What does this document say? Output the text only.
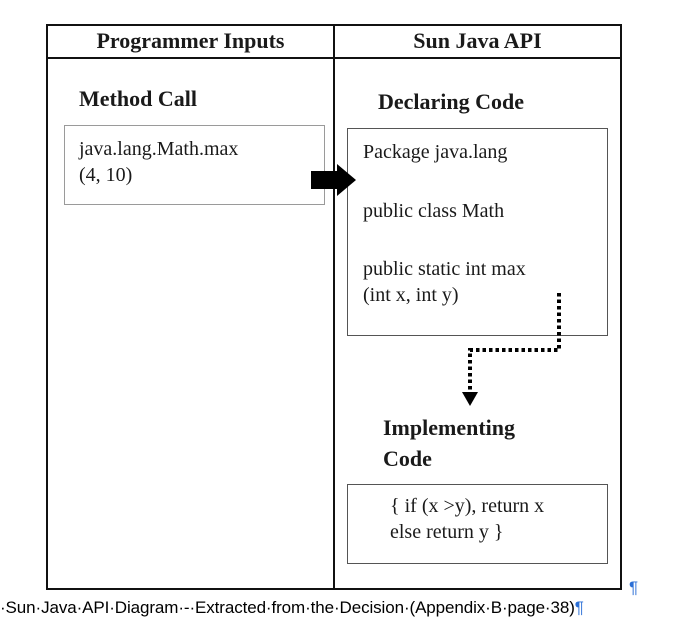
Programmer Inputs	Sun Java API
Method Call
java.lang.Math.max
(4, 10)
Declaring Code
Package java.lang
public class Math
public static int max
(int x, int y)
Implementing
Code
{ if (x >y), return x
else return y }
¶
·Sun·Java·API·Diagram·-·Extracted·from·the·Decision·(Appendix·B·page·38)¶
